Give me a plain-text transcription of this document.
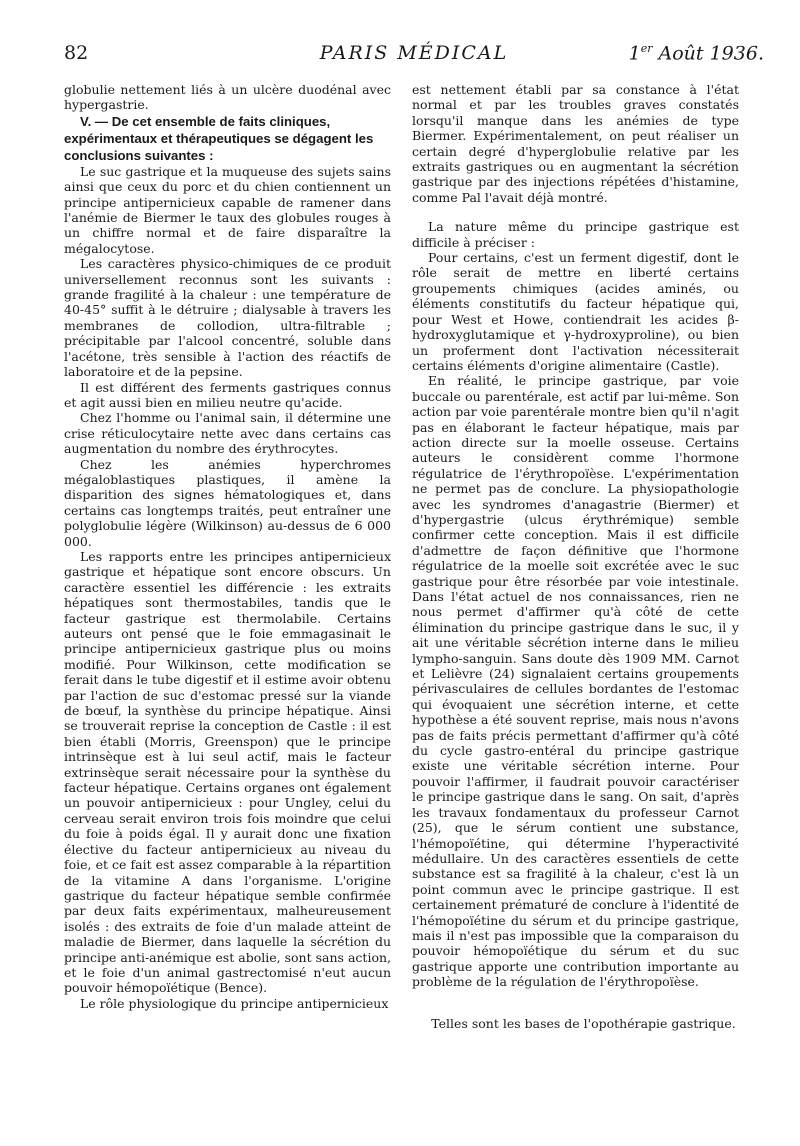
82	PARIS MÉDICAL	1er Août 1936.

globulie nettement liés à un ulcère duodénal avec hypergastrie.

V. — De cet ensemble de faits cliniques, expérimentaux et thérapeutiques se dégagent les conclusions suivantes :

Le suc gastrique et la muqueuse des sujets sains ainsi que ceux du porc et du chien contiennent un principe antipernicieux capable de ramener dans l'anémie de Biermer le taux des globules rouges à un chiffre normal et de faire disparaître la mégalocytose.

Les caractères physico-chimiques de ce produit universellement reconnus sont les suivants : grande fragilité à la chaleur : une température de 40-45° suffit à le détruire ; dialysable à travers les membranes de collodion, ultra-filtrable ; précipitable par l'alcool concentré, soluble dans l'acétone, très sensible à l'action des réactifs de laboratoire et de la pepsine.

Il est différent des ferments gastriques connus et agit aussi bien en milieu neutre qu'acide.

Chez l'homme ou l'animal sain, il détermine une crise réticulocytaire nette avec dans certains cas augmentation du nombre des érythrocytes.

Chez les anémies hyperchromes mégaloblastiques plastiques, il amène la disparition des signes hématologiques et, dans certains cas longtemps traités, peut entraîner une polyglobulie légère (Wilkinson) au-dessus de 6 000 000.

Les rapports entre les principes antipernicieux gastrique et hépatique sont encore obscurs. Un caractère essentiel les différencie : les extraits hépatiques sont thermostabiles, tandis que le facteur gastrique est thermolabile. Certains auteurs ont pensé que le foie emmagasinait le principe antipernicieux gastrique plus ou moins modifié. Pour Wilkinson, cette modification se ferait dans le tube digestif et il estime avoir obtenu par l'action de suc d'estomac pressé sur la viande de bœuf, la synthèse du principe hépatique. Ainsi se trouverait reprise la conception de Castle : il est bien établi (Morris, Greenspon) que le principe intrinsèque est à lui seul actif, mais le facteur extrinsèque serait nécessaire pour la synthèse du facteur hépatique. Certains organes ont également un pouvoir antipernicieux : pour Ungley, celui du cerveau serait environ trois fois moindre que celui du foie à poids égal. Il y aurait donc une fixation élective du facteur antipernicieux au niveau du foie, et ce fait est assez comparable à la répartition de la vitamine A dans l'organisme. L'origine gastrique du facteur hépatique semble confirmée par deux faits expérimentaux, malheureusement isolés : des extraits de foie d'un malade atteint de maladie de Biermer, dans laquelle la sécrétion du principe anti-anémique est abolie, sont sans action, et le foie d'un animal gastrectomisé n'eut aucun pouvoir hémopoïétique (Bence).

Le rôle physiologique du principe antipernicieux

est nettement établi par sa constance à l'état normal et par les troubles graves constatés lorsqu'il manque dans les anémies de type Biermer. Expérimentalement, on peut réaliser un certain degré d'hyperglobulie relative par les extraits gastriques ou en augmentant la sécrétion gastrique par des injections répétées d'histamine, comme Pal l'avait déjà montré.

La nature même du principe gastrique est difficile à préciser :

Pour certains, c'est un ferment digestif, dont le rôle serait de mettre en liberté certains groupements chimiques (acides aminés, ou éléments constitutifs du facteur hépatique qui, pour West et Howe, contiendrait les acides β-hydroxyglutamique et γ-hydroxyproline), ou bien un proferment dont l'activation nécessiterait certains éléments d'origine alimentaire (Castle).

En réalité, le principe gastrique, par voie buccale ou parentérale, est actif par lui-même. Son action par voie parentérale montre bien qu'il n'agit pas en élaborant le facteur hépatique, mais par action directe sur la moelle osseuse. Certains auteurs le considèrent comme l'hormone régulatrice de l'érythropoïèse. L'expérimentation ne permet pas de conclure. La physiopathologie avec les syndromes d'anagastrie (Biermer) et d'hypergastrie (ulcus érythrémique) semble confirmer cette conception. Mais il est difficile d'admettre de façon définitive que l'hormone régulatrice de la moelle soit excrétée avec le suc gastrique pour être résorbée par voie intestinale. Dans l'état actuel de nos connaissances, rien ne nous permet d'affirmer qu'à côté de cette élimination du principe gastrique dans le suc, il y ait une véritable sécrétion interne dans le milieu lympho-sanguin. Sans doute dès 1909 MM. Carnot et Lelièvre (24) signalaient certains groupements périvasculaires de cellules bordantes de l'estomac qui évoquaient une sécrétion interne, et cette hypothèse a été souvent reprise, mais nous n'avons pas de faits précis permettant d'affirmer qu'à côté du cycle gastro-entéral du principe gastrique existe une véritable sécrétion interne. Pour pouvoir l'affirmer, il faudrait pouvoir caractériser le principe gastrique dans le sang. On sait, d'après les travaux fondamentaux du professeur Carnot (25), que le sérum contient une substance, l'hémopoïétine, qui détermine l'hyperactivité médullaire. Un des caractères essentiels de cette substance est sa fragilité à la chaleur, c'est là un point commun avec le principe gastrique. Il est certainement prématuré de conclure à l'identité de l'hémopoïétine du sérum et du principe gastrique, mais il n'est pas impossible que la comparaison du pouvoir hémopoïétique du sérum et du suc gastrique apporte une contribution importante au problème de la régulation de l'érythropoïèse.

Telles sont les bases de l'opothérapie gastrique.
